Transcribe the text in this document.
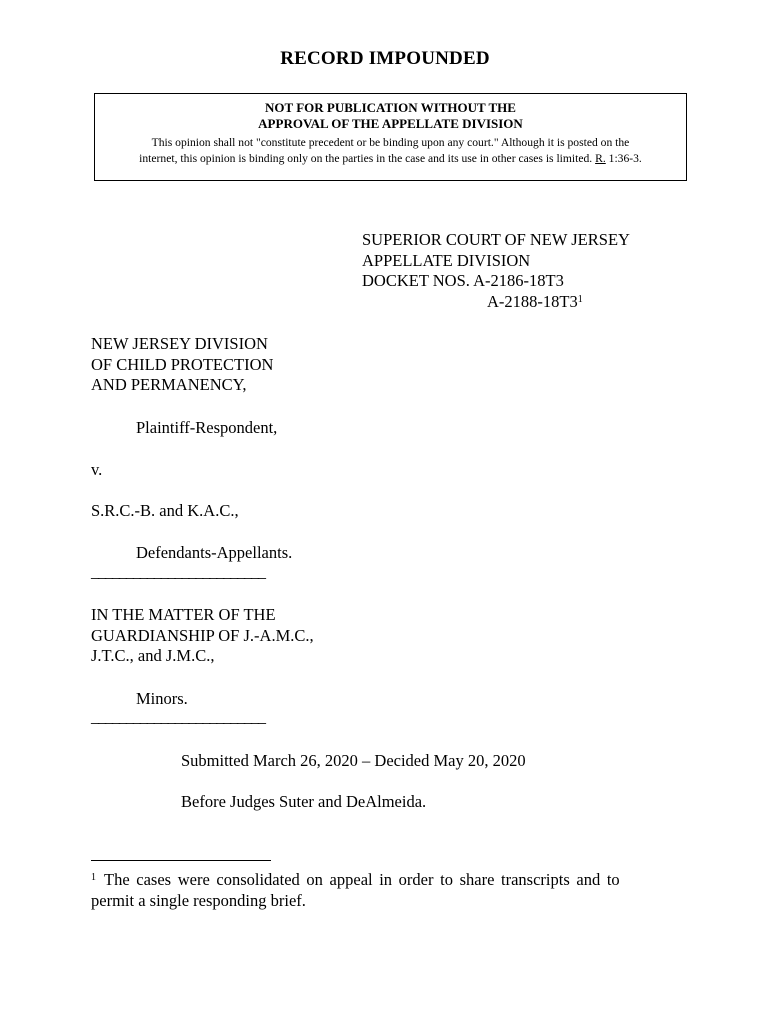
RECORD IMPOUNDED
NOT FOR PUBLICATION WITHOUT THE
APPROVAL OF THE APPELLATE DIVISION
This opinion shall not "constitute precedent or be binding upon any court." Although it is posted on the
internet, this opinion is binding only on the parties in the case and its use in other cases is limited. R. 1:36-3.
SUPERIOR COURT OF NEW JERSEY
APPELLATE DIVISION
DOCKET NOS. A-2186-18T3
$A-2188-18T3^1$
NEW JERSEY DIVISION
OF CHILD PROTECTION
AND PERMANENCY,
Plaintiff-Respondent,
v.
S.R.C.-B. and K.A.C.,
Defendants-Appellants.
_________________________
IN THE MATTER OF THE
GUARDIANSHIP OF J.-A.M.C.,
J.T.C., and J.M.C.,
Minors.
_________________________
Submitted March 26, 2020 – Decided May 20, 2020
Before Judges Suter and DeAlmeida.
$^1$ The cases were consolidated on appeal in order to share transcripts and to
permit a single responding brief.
